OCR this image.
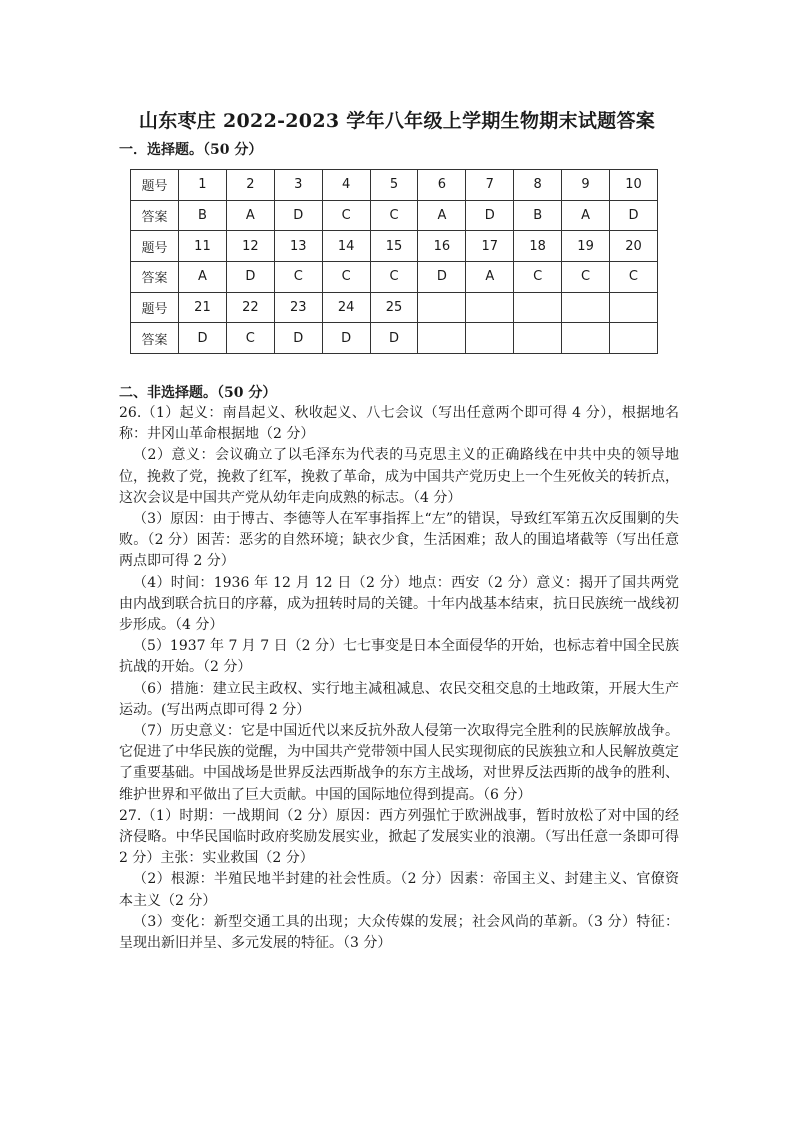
山东枣庄 2022-2023 学年八年级上学期生物期末试题答案
一．选择题。（50 分）
题号	1	2	3	4	5	6	7	8	9	10
答案	B	A	D	C	C	A	D	B	A	D
题号	11	12	13	14	15	16	17	18	19	20
答案	A	D	C	C	C	D	A	C	C	C
题号	21	22	23	24	25					
答案	D	C	D	D	D					
二、非选择题。（50 分）

26.（1）起义：南昌起义、秋收起义、八七会议（写出任意两个即可得 4 分），根据地名称：井冈山革命根据地（2 分）

（2）意义：会议确立了以毛泽东为代表的马克思主义的正确路线在中共中央的领导地位，挽救了党，挽救了红军，挽救了革命，成为中国共产党历史上一个生死攸关的转折点，这次会议是中国共产党从幼年走向成熟的标志。（4 分）

（3）原因：由于博古、李德等人在军事指挥上“左”的错误，导致红军第五次反围剿的失败。（2 分）困苦：恶劣的自然环境；缺衣少食，生活困难；敌人的围追堵截等（写出任意两点即可得 2 分）

（4）时间：1936 年 12 月 12 日（2 分）地点：西安（2 分）意义：揭开了国共两党由内战到联合抗日的序幕，成为扭转时局的关键。十年内战基本结束，抗日民族统一战线初步形成。（4 分）

（5）1937 年 7 月 7 日（2 分）七七事变是日本全面侵华的开始，也标志着中国全民族抗战的开始。（2 分）

（6）措施：建立民主政权、实行地主减租减息、农民交租交息的土地政策，开展大生产运动。(写出两点即可得 2 分）

（7）历史意义：它是中国近代以来反抗外敌人侵第一次取得完全胜利的民族解放战争。它促进了中华民族的觉醒，为中国共产党带领中国人民实现彻底的民族独立和人民解放奠定了重要基础。中国战场是世界反法西斯战争的东方主战场，对世界反法西斯的战争的胜利、维护世界和平做出了巨大贡献。中国的国际地位得到提高。（6 分）

27.（1）时期：一战期间（2 分）原因：西方列强忙于欧洲战事，暂时放松了对中国的经济侵略。中华民国临时政府奖励发展实业，掀起了发展实业的浪潮。（写出任意一条即可得 2 分）主张：实业救国（2 分）

（2）根源：半殖民地半封建的社会性质。（2 分）因素：帝国主义、封建主义、官僚资本主义（2 分）

（3）变化：新型交通工具的出现；大众传媒的发展；社会风尚的革新。（3 分）特征：呈现出新旧并呈、多元发展的特征。（3 分）
